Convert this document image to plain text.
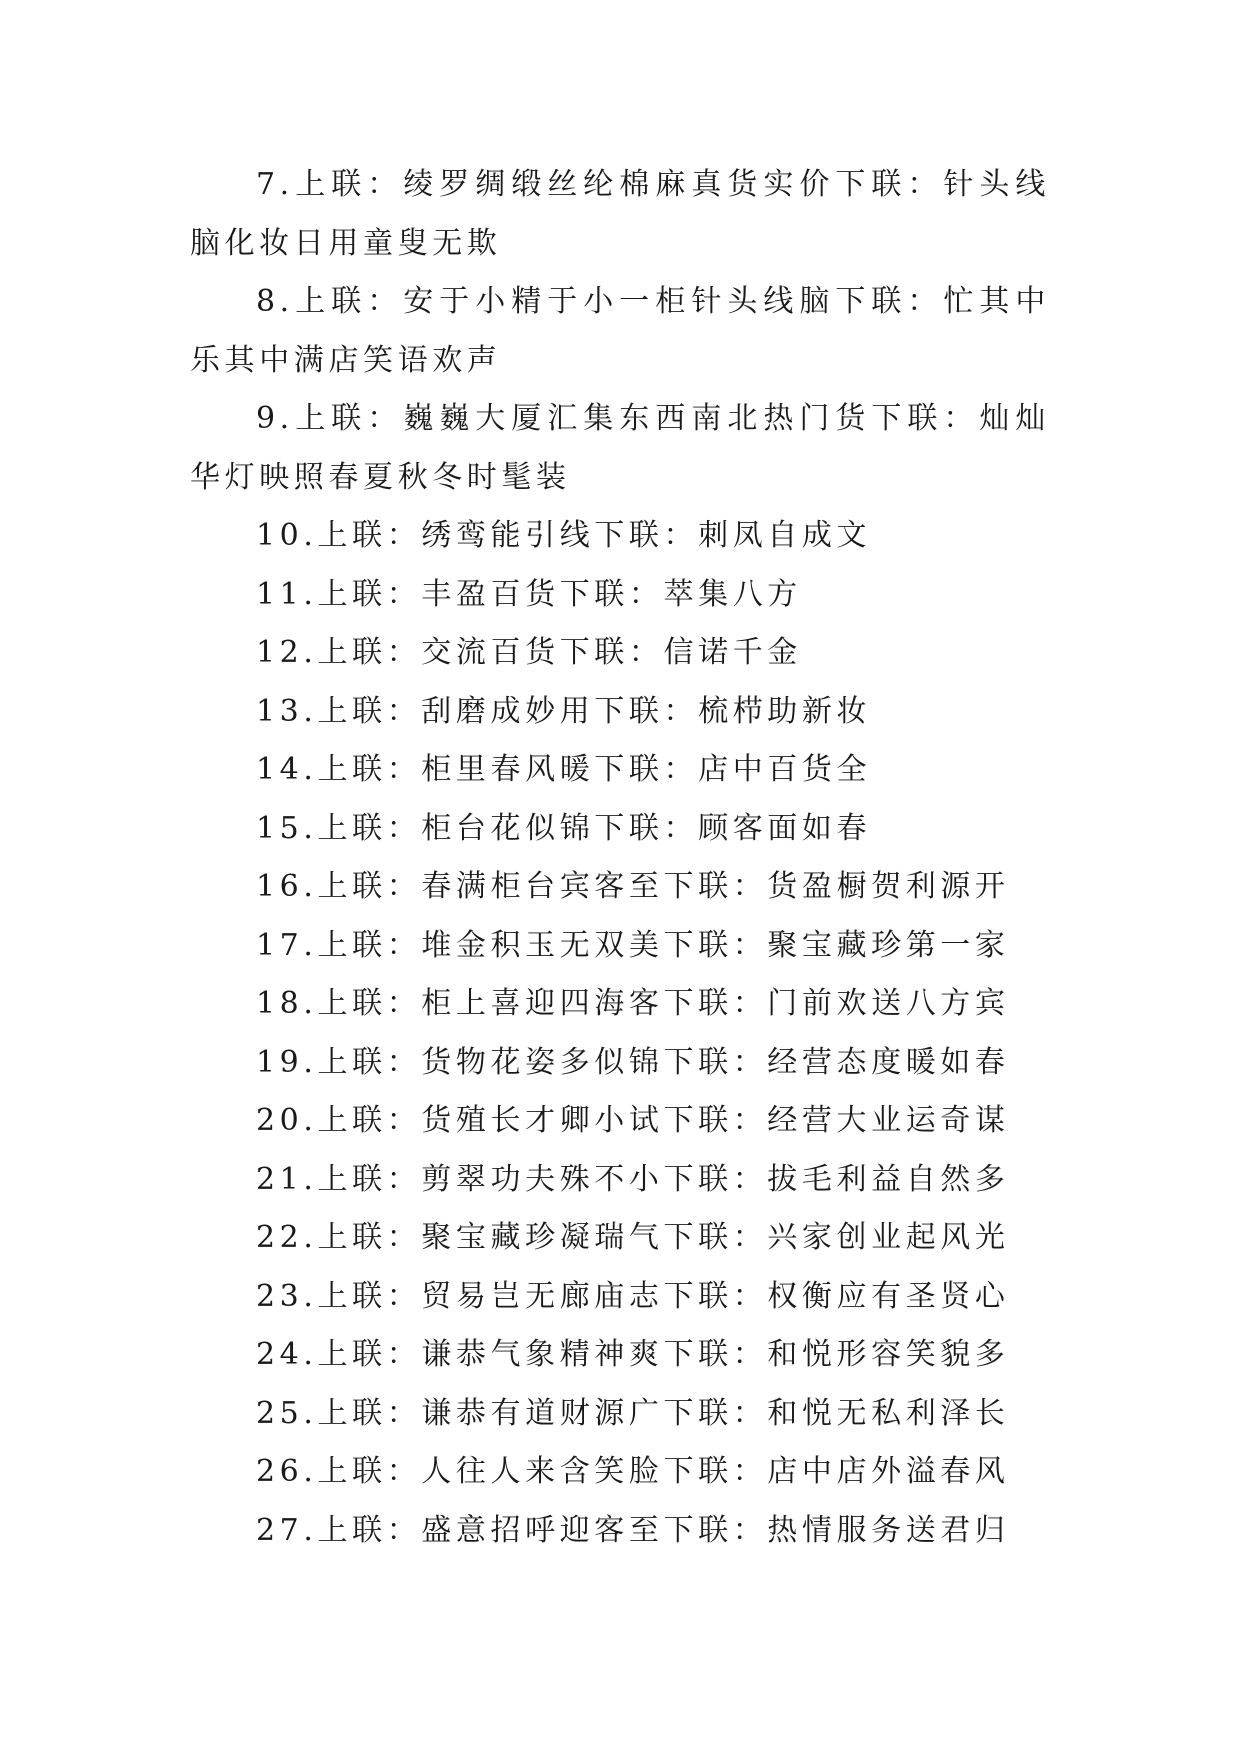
7.上联：绫罗绸缎丝纶棉麻真货实价下联：针头线脑化妆日用童叟无欺

8.上联：安于小精于小一柜针头线脑下联：忙其中乐其中满店笑语欢声

9.上联：巍巍大厦汇集东西南北热门货下联：灿灿华灯映照春夏秋冬时髦装

10.上联：绣鸾能引线下联：刺凤自成文

11.上联：丰盈百货下联：萃集八方

12.上联：交流百货下联：信诺千金

13.上联：刮磨成妙用下联：梳栉助新妆

14.上联：柜里春风暖下联：店中百货全

15.上联：柜台花似锦下联：顾客面如春

16.上联：春满柜台宾客至下联：货盈橱贺利源开

17.上联：堆金积玉无双美下联：聚宝藏珍第一家

18.上联：柜上喜迎四海客下联：门前欢送八方宾

19.上联：货物花姿多似锦下联：经营态度暖如春

20.上联：货殖长才卿小试下联：经营大业运奇谋

21.上联：剪翠功夫殊不小下联：拔毛利益自然多

22.上联：聚宝藏珍凝瑞气下联：兴家创业起风光

23.上联：贸易岂无廊庙志下联：权衡应有圣贤心

24.上联：谦恭气象精神爽下联：和悦形容笑貌多

25.上联：谦恭有道财源广下联：和悦无私利泽长

26.上联：人往人来含笑脸下联：店中店外溢春风

27.上联：盛意招呼迎客至下联：热情服务送君归
